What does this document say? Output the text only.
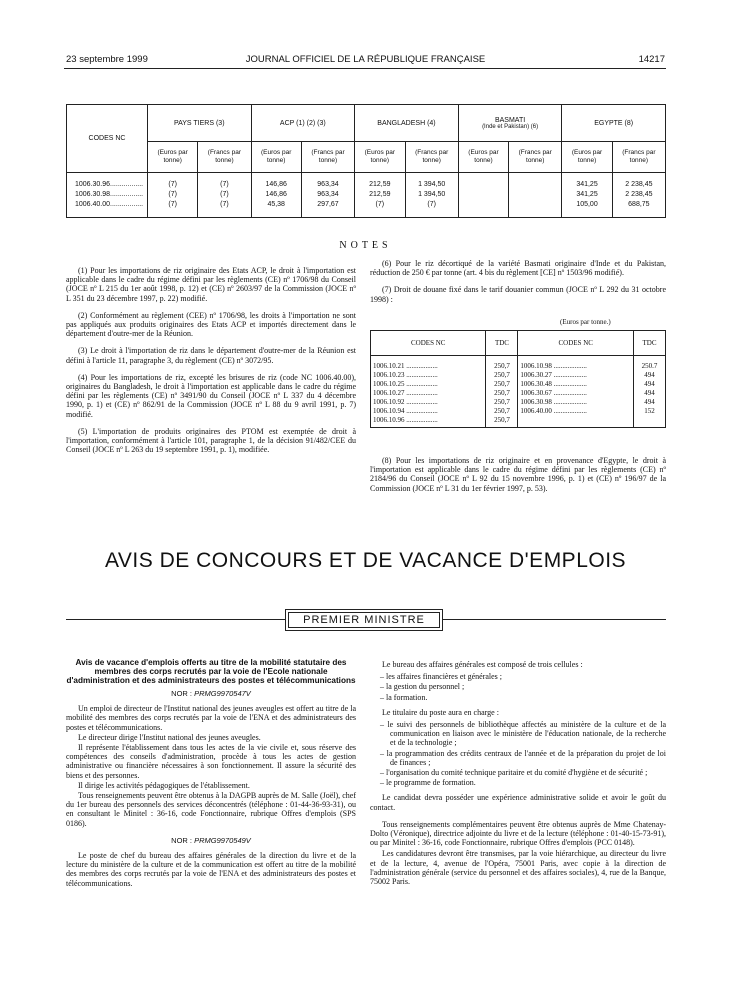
23 septembre 1999	JOURNAL OFFICIEL DE LA RÉPUBLIQUE FRANÇAISE	14217
CODES NC	PAYS TIERS (3)		ACP (1) (2) (3)		BANGLADESH (4)		BASMATI
(Inde et Pakistan) (6)		EGYPTE (8)	
	(Euros par tonne)	(Francs par tonne)	(Euros par tonne)	(Francs par tonne)	(Euros par tonne)	(Francs par tonne)	(Euros par tonne)	(Francs par tonne)	(Euros par tonne)	(Francs par tonne)
1006.30.96.................	(7)	(7)	146,86	963,34	212,59	1 394,50			341,25	2 238,45
1006.30.98.................	(7)	(7)	146,86	963,34	212,59	1 394,50			341,25	2 238,45
1006.40.00.................	(7)	(7)	45,38	297,67	(7)	(7)			105,00	688,75
NOTES

(1) Pour les importations de riz originaire des Etats ACP, le droit à l'importation est applicable dans le cadre du régime défini par les règlements (CE) nº 1706/98 du Conseil (JOCE nº L 215 du 1er août 1998, p. 12) et (CE) nº 2603/97 de la Commission (JOCE nº L 351 du 23 décembre 1997, p. 22) modifié.

(2) Conformément au règlement (CEE) nº 1706/98, les droits à l'importation ne sont pas appliqués aux produits originaires des Etats ACP et importés directement dans le département d'outre-mer de la Réunion.

(3) Le droit à l'importation de riz dans le département d'outre-mer de la Réunion est défini à l'article 11, paragraphe 3, du règlement (CE) nº 3072/95.

(4) Pour les importations de riz, excepté les brisures de riz (code NC 1006.40.00), originaires du Bangladesh, le droit à l'importation est applicable dans le cadre du régime défini par les règlements (CE) nº 3491/90 du Conseil (JOCE nº L 337 du 4 décembre 1990, p. 1) et (CE) nº 862/91 de la Commission (JOCE nº L 88 du 9 avril 1991, p. 7) modifié.

(5) L'importation de produits originaires des PTOM est exemptée de droit à l'importation, conformément à l'article 101, paragraphe 1, de la décision 91/482/CEE du Conseil (JOCE nº L 263 du 19 septembre 1991, p. 1), modifiée.

(6) Pour le riz décortiqué de la variété Basmati originaire d'Inde et du Pakistan, réduction de 250 € par tonne (art. 4 bis du règlement [CE] nº 1503/96 modifié).

(7) Droit de douane fixé dans le tarif douanier commun (JOCE nº L 292 du 31 octobre 1998) :

(Euros par tonne.)
CODES NC	TDC	CODES NC	TDC
1006.10.21 ..................	250,7	1006.10.98 ...................	250.7
1006.10.23 ..................	250,7	1006.30.27 ...................	494
1006.10.25 ..................	250,7	1006.30.48 ...................	494
1006.10.27 ..................	250,7	1006.30.67 ...................	494
1006.10.92 ..................	250,7	1006.30.98 ...................	494
1006.10.94 ..................	250,7	1006.40.00 ...................	152
1006.10.96 ..................	250,7		

(8) Pour les importations de riz originaire et en provenance d'Egypte, le droit à l'importation est applicable dans le cadre du régime défini par les règlements (CE) nº 2184/96 du Conseil (JOCE nº L 92 du 15 novembre 1996, p. 1) et (CE) nº 196/97 de la Commission (JOCE nº L 31 du 1er février 1997, p. 53).

AVIS DE CONCOURS ET DE VACANCE D'EMPLOIS
PREMIER MINISTRE
Avis de vacance d'emplois offerts au titre de la mobilité statutaire des membres des corps recrutés par la voie de l'Ecole nationale d'administration et des administrateurs des postes et télécommunications
NOR : PRMG9970547V

Un emploi de directeur de l'Institut national des jeunes aveugles est offert au titre de la mobilité des membres des corps recrutés par la voie de l'ENA et des administrateurs des postes et télécommunications.

Le directeur dirige l'Institut national des jeunes aveugles.

Il représente l'établissement dans tous les actes de la vie civile et, sous réserve des compétences des conseils d'administration, procède à tous les actes de gestion administrative ou financière nécessaires à son fonctionnement. Il assure la sécurité des biens et des personnes.

Il dirige les activités pédagogiques de l'établissement.

Tous renseignements peuvent être obtenus à la DAGPB auprès de M. Salle (Joël), chef du 1er bureau des personnels des services déconcentrés (téléphone : 01-44-36-93-31), ou en consultant le Minitel : 36-16, code Fonctionnaire, rubrique Offres d'emplois (SPS 0186).

NOR : PRMG9970549V

Le poste de chef du bureau des affaires générales de la direction du livre et de la lecture du ministère de la culture et de la communication est offert au titre de la mobilité des membres des corps recrutés par la voie de l'ENA et des administrateurs des postes et télécommunications.

Le bureau des affaires générales est composé de trois cellules :

– les affaires financières et générales ;
– la gestion du personnel ;
– la formation.

Le titulaire du poste aura en charge :

– le suivi des personnels de bibliothèque affectés au ministère de la culture et de la communication en liaison avec le ministère de l'éducation nationale, de la recherche et de la technologie ;
– la programmation des crédits centraux de l'année et de la préparation du projet de loi de finances ;
– l'organisation du comité technique paritaire et du comité d'hygiène et de sécurité ;
– le programme de formation.

Le candidat devra posséder une expérience administrative solide et avoir le goût du contact.

Tous renseignements complémentaires peuvent être obtenus auprès de Mme Chatenay-Dolto (Véronique), directrice adjointe du livre et de la lecture (téléphone : 01-40-15-73-91), ou par Minitel : 36-16, code Fonctionnaire, rubrique Offres d'emplois (PCC 0148).

Les candidatures devront être transmises, par la voie hiérarchique, au directeur du livre et de la lecture, 4, avenue de l'Opéra, 75001 Paris, avec copie à la direction de l'administration générale (service du personnel et des affaires sociales), 4, rue de la Banque, 75002 Paris.
